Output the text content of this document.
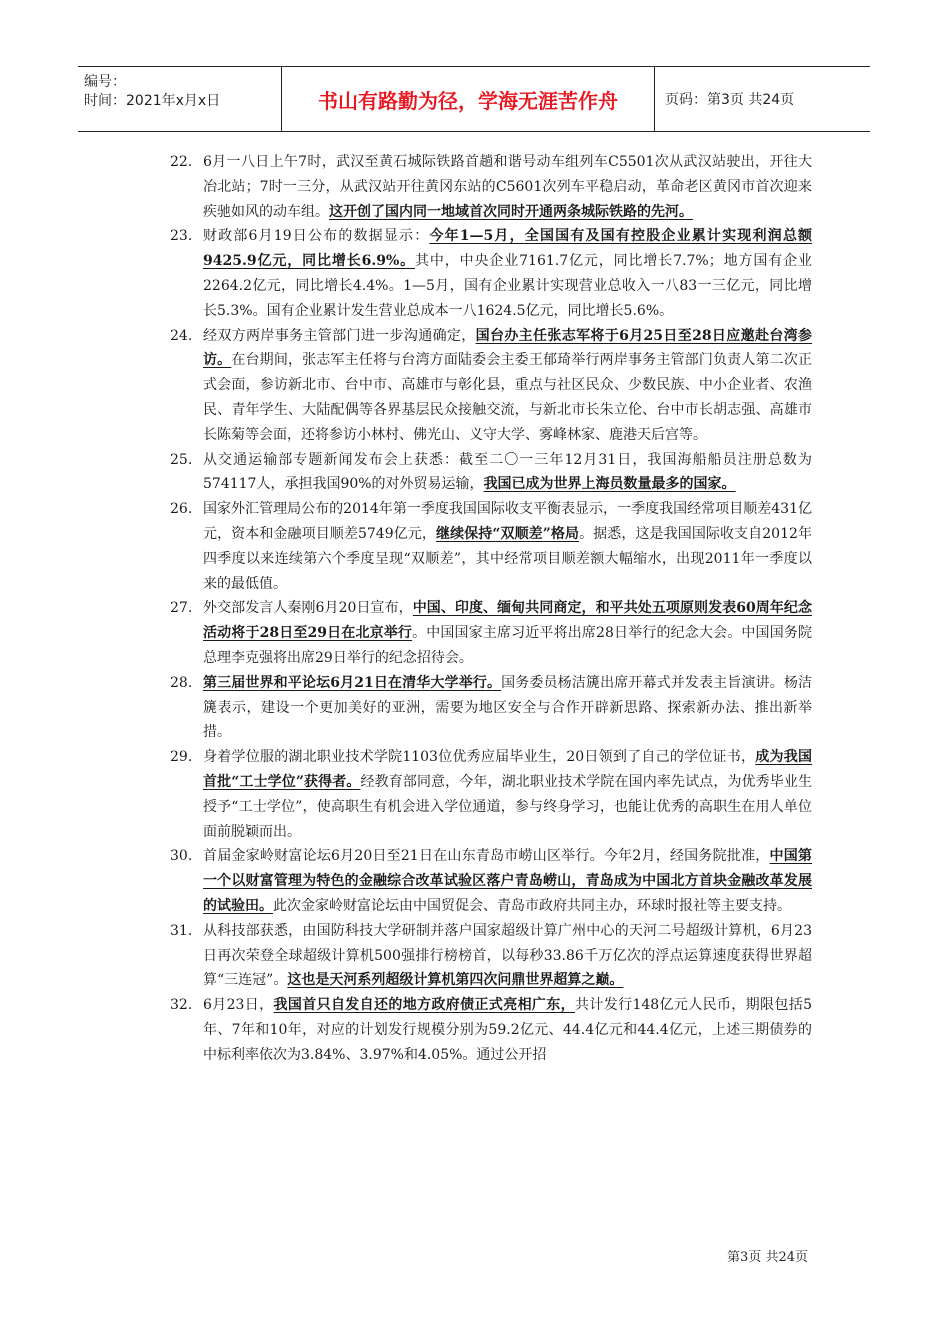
编号：
时间：2021年x月x日	书山有路勤为径，学海无涯苦作舟	页码：第3页 共24页

22. 6月一八日上午7时，武汉至黄石城际铁路首趟和谐号动车组列车C5501次从武汉站驶出，开往大冶北站；7时一三分，从武汉站开往黄冈东站的C5601次列车平稳启动，革命老区黄冈市首次迎来疾驰如风的动车组。这开创了国内同一地域首次同时开通两条城际铁路的先河。

23. 财政部6月19日公布的数据显示：今年1—5月，全国国有及国有控股企业累计实现利润总额9425.9亿元，同比增长6.9%。其中，中央企业7161.7亿元，同比增长7.7%；地方国有企业2264.2亿元，同比增长4.4%。1—5月，国有企业累计实现营业总收入一八83一三亿元，同比增长5.3%。国有企业累计发生营业总成本一八1624.5亿元，同比增长5.6%。

24. 经双方两岸事务主管部门进一步沟通确定，国台办主任张志军将于6月25日至28日应邀赴台湾参访。在台期间，张志军主任将与台湾方面陆委会主委王郁琦举行两岸事务主管部门负责人第二次正式会面，参访新北市、台中市、高雄市与彰化县，重点与社区民众、少数民族、中小企业者、农渔民、青年学生、大陆配偶等各界基层民众接触交流，与新北市长朱立伦、台中市长胡志强、高雄市长陈菊等会面，还将参访小林村、佛光山、义守大学、雾峰林家、鹿港天后宫等。

25. 从交通运输部专题新闻发布会上获悉：截至二〇一三年12月31日，我国海船船员注册总数为574117人，承担我国90%的对外贸易运输，我国已成为世界上海员数量最多的国家。

26. 国家外汇管理局公布的2014年第一季度我国国际收支平衡表显示，一季度我国经常项目顺差431亿元，资本和金融项目顺差5749亿元，继续保持“双顺差”格局。据悉，这是我国国际收支自2012年四季度以来连续第六个季度呈现“双顺差”，其中经常项目顺差额大幅缩水，出现2011年一季度以来的最低值。

27. 外交部发言人秦刚6月20日宣布，中国、印度、缅甸共同商定，和平共处五项原则发表60周年纪念活动将于28日至29日在北京举行。中国国家主席习近平将出席28日举行的纪念大会。中国国务院总理李克强将出席29日举行的纪念招待会。

28. 第三届世界和平论坛6月21日在清华大学举行。国务委员杨洁篪出席开幕式并发表主旨演讲。杨洁篪表示，建设一个更加美好的亚洲，需要为地区安全与合作开辟新思路、探索新办法、推出新举措。

29. 身着学位服的湖北职业技术学院1103位优秀应届毕业生，20日领到了自己的学位证书，成为我国首批“工士学位”获得者。经教育部同意，今年，湖北职业技术学院在国内率先试点，为优秀毕业生授予“工士学位”，使高职生有机会进入学位通道，参与终身学习，也能让优秀的高职生在用人单位面前脱颖而出。

30. 首届金家岭财富论坛6月20日至21日在山东青岛市崂山区举行。今年2月，经国务院批准，中国第一个以财富管理为特色的金融综合改革试验区落户青岛崂山，青岛成为中国北方首块金融改革发展的试验田。此次金家岭财富论坛由中国贸促会、青岛市政府共同主办，环球时报社等主要支持。

31. 从科技部获悉，由国防科技大学研制并落户国家超级计算广州中心的天河二号超级计算机，6月23日再次荣登全球超级计算机500强排行榜榜首，以每秒33.86千万亿次的浮点运算速度获得世界超算“三连冠”。这也是天河系列超级计算机第四次问鼎世界超算之巅。

32. 6月23日，我国首只自发自还的地方政府债正式亮相广东，共计发行148亿元人民币，期限包括5年、7年和10年，对应的计划发行规模分别为59.2亿元、44.4亿元和44.4亿元，上述三期债券的中标利率依次为3.84%、3.97%和4.05%。通过公开招

第3页 共24页
